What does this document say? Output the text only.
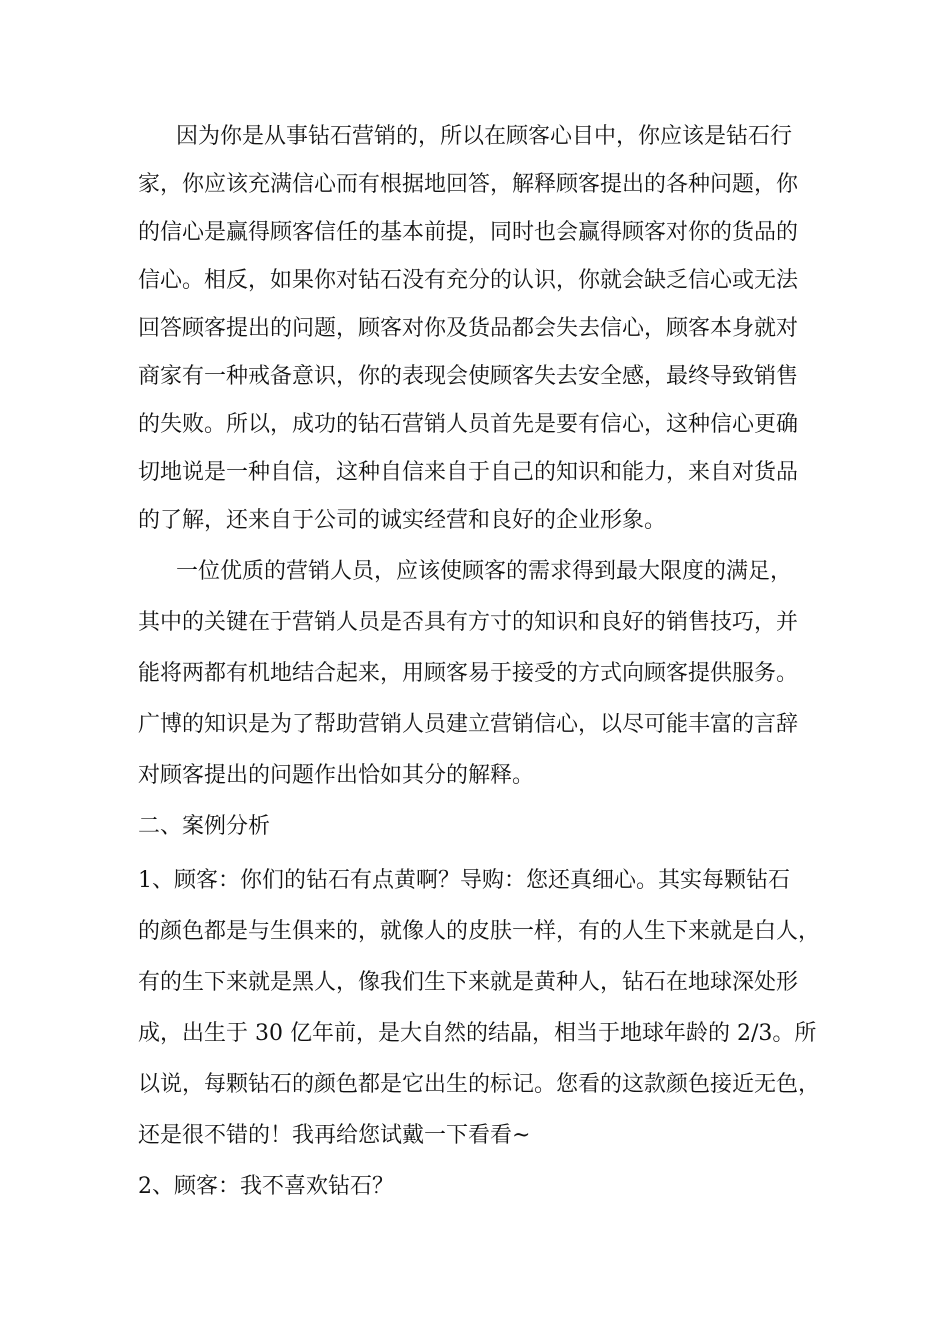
因为你是从事钻石营销的，所以在顾客心目中，你应该是钻石行
家，你应该充满信心而有根据地回答，解释顾客提出的各种问题，你
的信心是赢得顾客信任的基本前提，同时也会赢得顾客对你的货品的
信心。相反，如果你对钻石没有充分的认识，你就会缺乏信心或无法
回答顾客提出的问题，顾客对你及货品都会失去信心，顾客本身就对
商家有一种戒备意识，你的表现会使顾客失去安全感，最终导致销售
的失败。所以，成功的钻石营销人员首先是要有信心，这种信心更确
切地说是一种自信，这种自信来自于自己的知识和能力，来自对货品
的了解，还来自于公司的诚实经营和良好的企业形象。
一位优质的营销人员，应该使顾客的需求得到最大限度的满足，
其中的关键在于营销人员是否具有方寸的知识和良好的销售技巧，并
能将两都有机地结合起来，用顾客易于接受的方式向顾客提供服务。
广博的知识是为了帮助营销人员建立营销信心，以尽可能丰富的言辞
对顾客提出的问题作出恰如其分的解释。
二、案例分析
1、顾客：你们的钻石有点黄啊？导购：您还真细心。其实每颗钻石
的颜色都是与生俱来的，就像人的皮肤一样，有的人生下来就是白人，
有的生下来就是黑人，像我们生下来就是黄种人，钻石在地球深处形
成，出生于 30 亿年前，是大自然的结晶，相当于地球年龄的 2/3。所
以说，每颗钻石的颜色都是它出生的标记。您看的这款颜色接近无色，
还是很不错的！我再给您试戴一下看看~
2、顾客：我不喜欢钻石？
